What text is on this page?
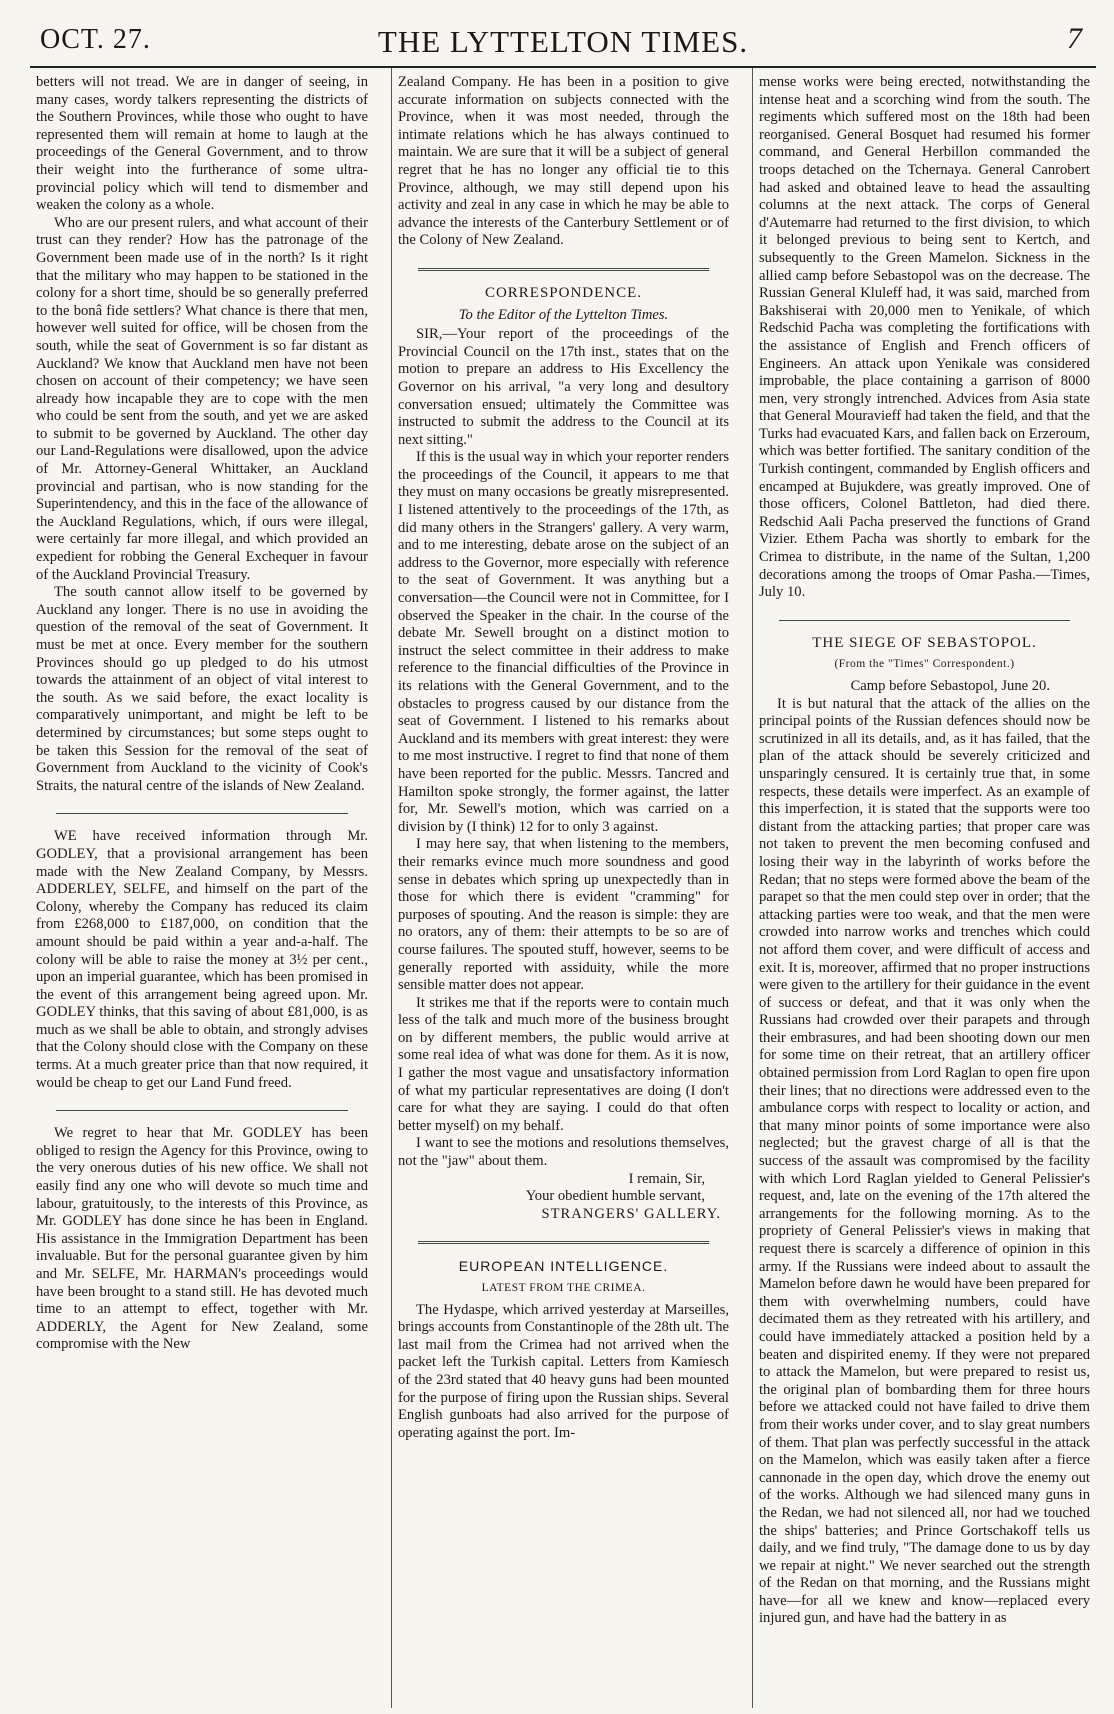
OCT. 27.	THE LYTTELTON TIMES.	7

betters will not tread. We are in danger of seeing, in many cases, wordy talkers representing the districts of the Southern Provinces, while those who ought to have represented them will remain at home to laugh at the proceedings of the General Government, and to throw their weight into the furtherance of some ultra-provincial policy which will tend to dismember and weaken the colony as a whole.

Who are our present rulers, and what account of their trust can they render? How has the patronage of the Government been made use of in the north? Is it right that the military who may happen to be stationed in the colony for a short time, should be so generally preferred to the bonâ fide settlers? What chance is there that men, however well suited for office, will be chosen from the south, while the seat of Government is so far distant as Auckland? We know that Auckland men have not been chosen on account of their competency; we have seen already how incapable they are to cope with the men who could be sent from the south, and yet we are asked to submit to be governed by Auckland. The other day our Land-Regulations were disallowed, upon the advice of Mr. Attorney-General Whittaker, an Auckland provincial and partisan, who is now standing for the Superintendency, and this in the face of the allowance of the Auckland Regulations, which, if ours were illegal, were certainly far more illegal, and which provided an expedient for robbing the General Exchequer in favour of the Auckland Provincial Treasury.

The south cannot allow itself to be governed by Auckland any longer. There is no use in avoiding the question of the removal of the seat of Government. It must be met at once. Every member for the southern Provinces should go up pledged to do his utmost towards the attainment of an object of vital interest to the south. As we said before, the exact locality is comparatively unimportant, and might be left to be determined by circumstances; but some steps ought to be taken this Session for the removal of the seat of Government from Auckland to the vicinity of Cook's Straits, the natural centre of the islands of New Zealand.

WE have received information through Mr. GODLEY, that a provisional arrangement has been made with the New Zealand Company, by Messrs. ADDERLEY, SELFE, and himself on the part of the Colony, whereby the Company has reduced its claim from £268,000 to £187,000, on condition that the amount should be paid within a year and-a-half. The colony will be able to raise the money at 3½ per cent., upon an imperial guarantee, which has been promised in the event of this arrangement being agreed upon. Mr. GODLEY thinks, that this saving of about £81,000, is as much as we shall be able to obtain, and strongly advises that the Colony should close with the Company on these terms. At a much greater price than that now required, it would be cheap to get our Land Fund freed.

We regret to hear that Mr. GODLEY has been obliged to resign the Agency for this Province, owing to the very onerous duties of his new office. We shall not easily find any one who will devote so much time and labour, gratuitously, to the interests of this Province, as Mr. GODLEY has done since he has been in England. His assistance in the Immigration Department has been invaluable. But for the personal guarantee given by him and Mr. SELFE, Mr. HARMAN's proceedings would have been brought to a stand still. He has devoted much time to an attempt to effect, together with Mr. ADDERLY, the Agent for New Zealand, some compromise with the New

Zealand Company. He has been in a position to give accurate information on subjects connected with the Province, when it was most needed, through the intimate relations which he has always continued to maintain. We are sure that it will be a subject of general regret that he has no longer any official tie to this Province, although, we may still depend upon his activity and zeal in any case in which he may be able to advance the interests of the Canterbury Settlement or of the Colony of New Zealand.

CORRESPONDENCE.
To the Editor of the Lyttelton Times.

SIR,—Your report of the proceedings of the Provincial Council on the 17th inst., states that on the motion to prepare an address to His Excellency the Governor on his arrival, "a very long and desultory conversation ensued; ultimately the Committee was instructed to submit the address to the Council at its next sitting."

If this is the usual way in which your reporter renders the proceedings of the Council, it appears to me that they must on many occasions be greatly misrepresented. I listened attentively to the proceedings of the 17th, as did many others in the Strangers' gallery. A very warm, and to me interesting, debate arose on the subject of an address to the Governor, more especially with reference to the seat of Government. It was anything but a conversation—the Council were not in Committee, for I observed the Speaker in the chair. In the course of the debate Mr. Sewell brought on a distinct motion to instruct the select committee in their address to make reference to the financial difficulties of the Province in its relations with the General Government, and to the obstacles to progress caused by our distance from the seat of Government. I listened to his remarks about Auckland and its members with great interest: they were to me most instructive. I regret to find that none of them have been reported for the public. Messrs. Tancred and Hamilton spoke strongly, the former against, the latter for, Mr. Sewell's motion, which was carried on a division by (I think) 12 for to only 3 against.

I may here say, that when listening to the members, their remarks evince much more soundness and good sense in debates which spring up unexpectedly than in those for which there is evident "cramming" for purposes of spouting. And the reason is simple: they are no orators, any of them: their attempts to be so are of course failures. The spouted stuff, however, seems to be generally reported with assiduity, while the more sensible matter does not appear.

It strikes me that if the reports were to contain much less of the talk and much more of the business brought on by different members, the public would arrive at some real idea of what was done for them. As it is now, I gather the most vague and unsatisfactory information of what my particular representatives are doing (I don't care for what they are saying. I could do that often better myself) on my behalf.

I want to see the motions and resolutions themselves, not the "jaw" about them.

I remain, Sir,
Your obedient humble servant,
STRANGERS' GALLERY.
EUROPEAN INTELLIGENCE.
LATEST FROM THE CRIMEA.

The Hydaspe, which arrived yesterday at Marseilles, brings accounts from Constantinople of the 28th ult. The last mail from the Crimea had not arrived when the packet left the Turkish capital. Letters from Kamiesch of the 23rd stated that 40 heavy guns had been mounted for the purpose of firing upon the Russian ships. Several English gunboats had also arrived for the purpose of operating against the port. Im-

mense works were being erected, notwithstanding the intense heat and a scorching wind from the south. The regiments which suffered most on the 18th had been reorganised. General Bosquet had resumed his former command, and General Herbillon commanded the troops detached on the Tchernaya. General Canrobert had asked and obtained leave to head the assaulting columns at the next attack. The corps of General d'Autemarre had returned to the first division, to which it belonged previous to being sent to Kertch, and subsequently to the Green Mamelon. Sickness in the allied camp before Sebastopol was on the decrease. The Russian General Kluleff had, it was said, marched from Bakshiserai with 20,000 men to Yenikale, of which Redschid Pacha was completing the fortifications with the assistance of English and French officers of Engineers. An attack upon Yenikale was considered improbable, the place containing a garrison of 8000 men, very strongly intrenched. Advices from Asia state that General Mouravieff had taken the field, and that the Turks had evacuated Kars, and fallen back on Erzeroum, which was better fortified. The sanitary condition of the Turkish contingent, commanded by English officers and encamped at Bujukdere, was greatly improved. One of those officers, Colonel Battleton, had died there. Redschid Aali Pacha preserved the functions of Grand Vizier. Ethem Pacha was shortly to embark for the Crimea to distribute, in the name of the Sultan, 1,200 decorations among the troops of Omar Pasha.—Times, July 10.

THE SIEGE OF SEBASTOPOL.
(From the "Times" Correspondent.)
Camp before Sebastopol, June 20.

It is but natural that the attack of the allies on the principal points of the Russian defences should now be scrutinized in all its details, and, as it has failed, that the plan of the attack should be severely criticized and unsparingly censured. It is certainly true that, in some respects, these details were imperfect. As an example of this imperfection, it is stated that the supports were too distant from the attacking parties; that proper care was not taken to prevent the men becoming confused and losing their way in the labyrinth of works before the Redan; that no steps were formed above the beam of the parapet so that the men could step over in order; that the attacking parties were too weak, and that the men were crowded into narrow works and trenches which could not afford them cover, and were difficult of access and exit. It is, moreover, affirmed that no proper instructions were given to the artillery for their guidance in the event of success or defeat, and that it was only when the Russians had crowded over their parapets and through their embrasures, and had been shooting down our men for some time on their retreat, that an artillery officer obtained permission from Lord Raglan to open fire upon their lines; that no directions were addressed even to the ambulance corps with respect to locality or action, and that many minor points of some importance were also neglected; but the gravest charge of all is that the success of the assault was compromised by the facility with which Lord Raglan yielded to General Pelissier's request, and, late on the evening of the 17th altered the arrangements for the following morning. As to the propriety of General Pelissier's views in making that request there is scarcely a difference of opinion in this army. If the Russians were indeed about to assault the Mamelon before dawn he would have been prepared for them with overwhelming numbers, could have decimated them as they retreated with his artillery, and could have immediately attacked a position held by a beaten and dispirited enemy. If they were not prepared to attack the Mamelon, but were prepared to resist us, the original plan of bombarding them for three hours before we attacked could not have failed to drive them from their works under cover, and to slay great numbers of them. That plan was perfectly successful in the attack on the Mamelon, which was easily taken after a fierce cannonade in the open day, which drove the enemy out of the works. Although we had silenced many guns in the Redan, we had not silenced all, nor had we touched the ships' batteries; and Prince Gortschakoff tells us daily, and we find truly, "The damage done to us by day we repair at night." We never searched out the strength of the Redan on that morning, and the Russians might have—for all we knew and know—replaced every injured gun, and have had the battery in as
